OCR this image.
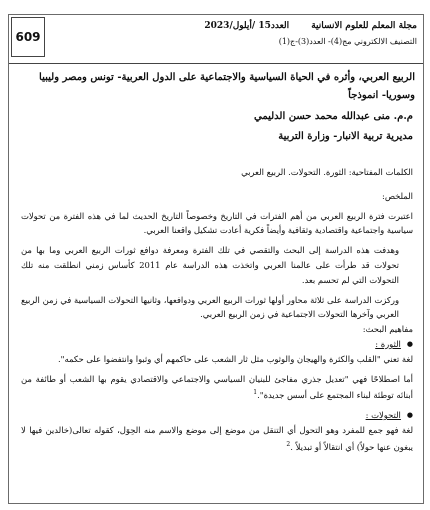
609
مجلة المعلم للعلوم الانسانيةالعدد15 /أيلول/2023
التصنيف الالكتروني مج(4)- العدد(3)-ج(1)
الربيع العربي، وأثره في الحياة السياسية والاجتماعية على الدول العربية- تونس ومصر وليبيا وسوريا- انموذجاً
م.م. منى عبدالله محمد حسن الدليمي
مديرية تربية الانبار- وزارة التربية

الكلمات المفتاحية: الثورة. التحولات. الربيع العربي

الملخص:

اعتبرت فترة الربيع العربي من أهم الفترات في التاريخ وخصوصاً التاريخ الحديث لما في هذه الفترة من تحولات سياسية واجتماعية واقتصادية وثقافية وأيضاً فكرية أعادت تشكيل واقعنا العربي.

وهدفت هذه الدراسة إلى البحث والتقصي في تلك الفترة ومعرفة دوافع ثورات الربيع العربي وما بها من تحولات قد طرأت على عالمنا العربي واتخذت هذه الدراسة عام 2011 كأساس زمني انطلقت منه تلك التحولات التي لم تحسم بعد.

وركزت الدراسة على ثلاثة محاور أولها ثورات الربيع العربي ودوافعها، وثانيها التحولات السياسية في زمن الربيع العربي وآخرها التحولات الاجتماعية في زمن الربيع العربي.

مفاهيم البحث:

●
الثورة :

لغة تعني "القلب والكثرة والهيجان والوثوب مثل ثار الشعب على حاكمهم أي وثبوا وانتفضوا على حكمه".

أما اصطلاحًا فهي "تعديل جذري مفاجئ للبنيان السياسي والاجتماعي والاقتصادي يقوم بها الشعب أو طائفة من أبنائه توطئة لبناء المجتمع على أسس جديدة".$^1$

●
التحولات :

لغة فهو جمع للمفرد وهو التحول أي التنقل من موضع إلى موضع والاسم منه الحِوَل، كقوله تعالى(خالدين فيها لا يبغون عنها حولاً) أي انتقالاً أو تبديلاً .$^2$
